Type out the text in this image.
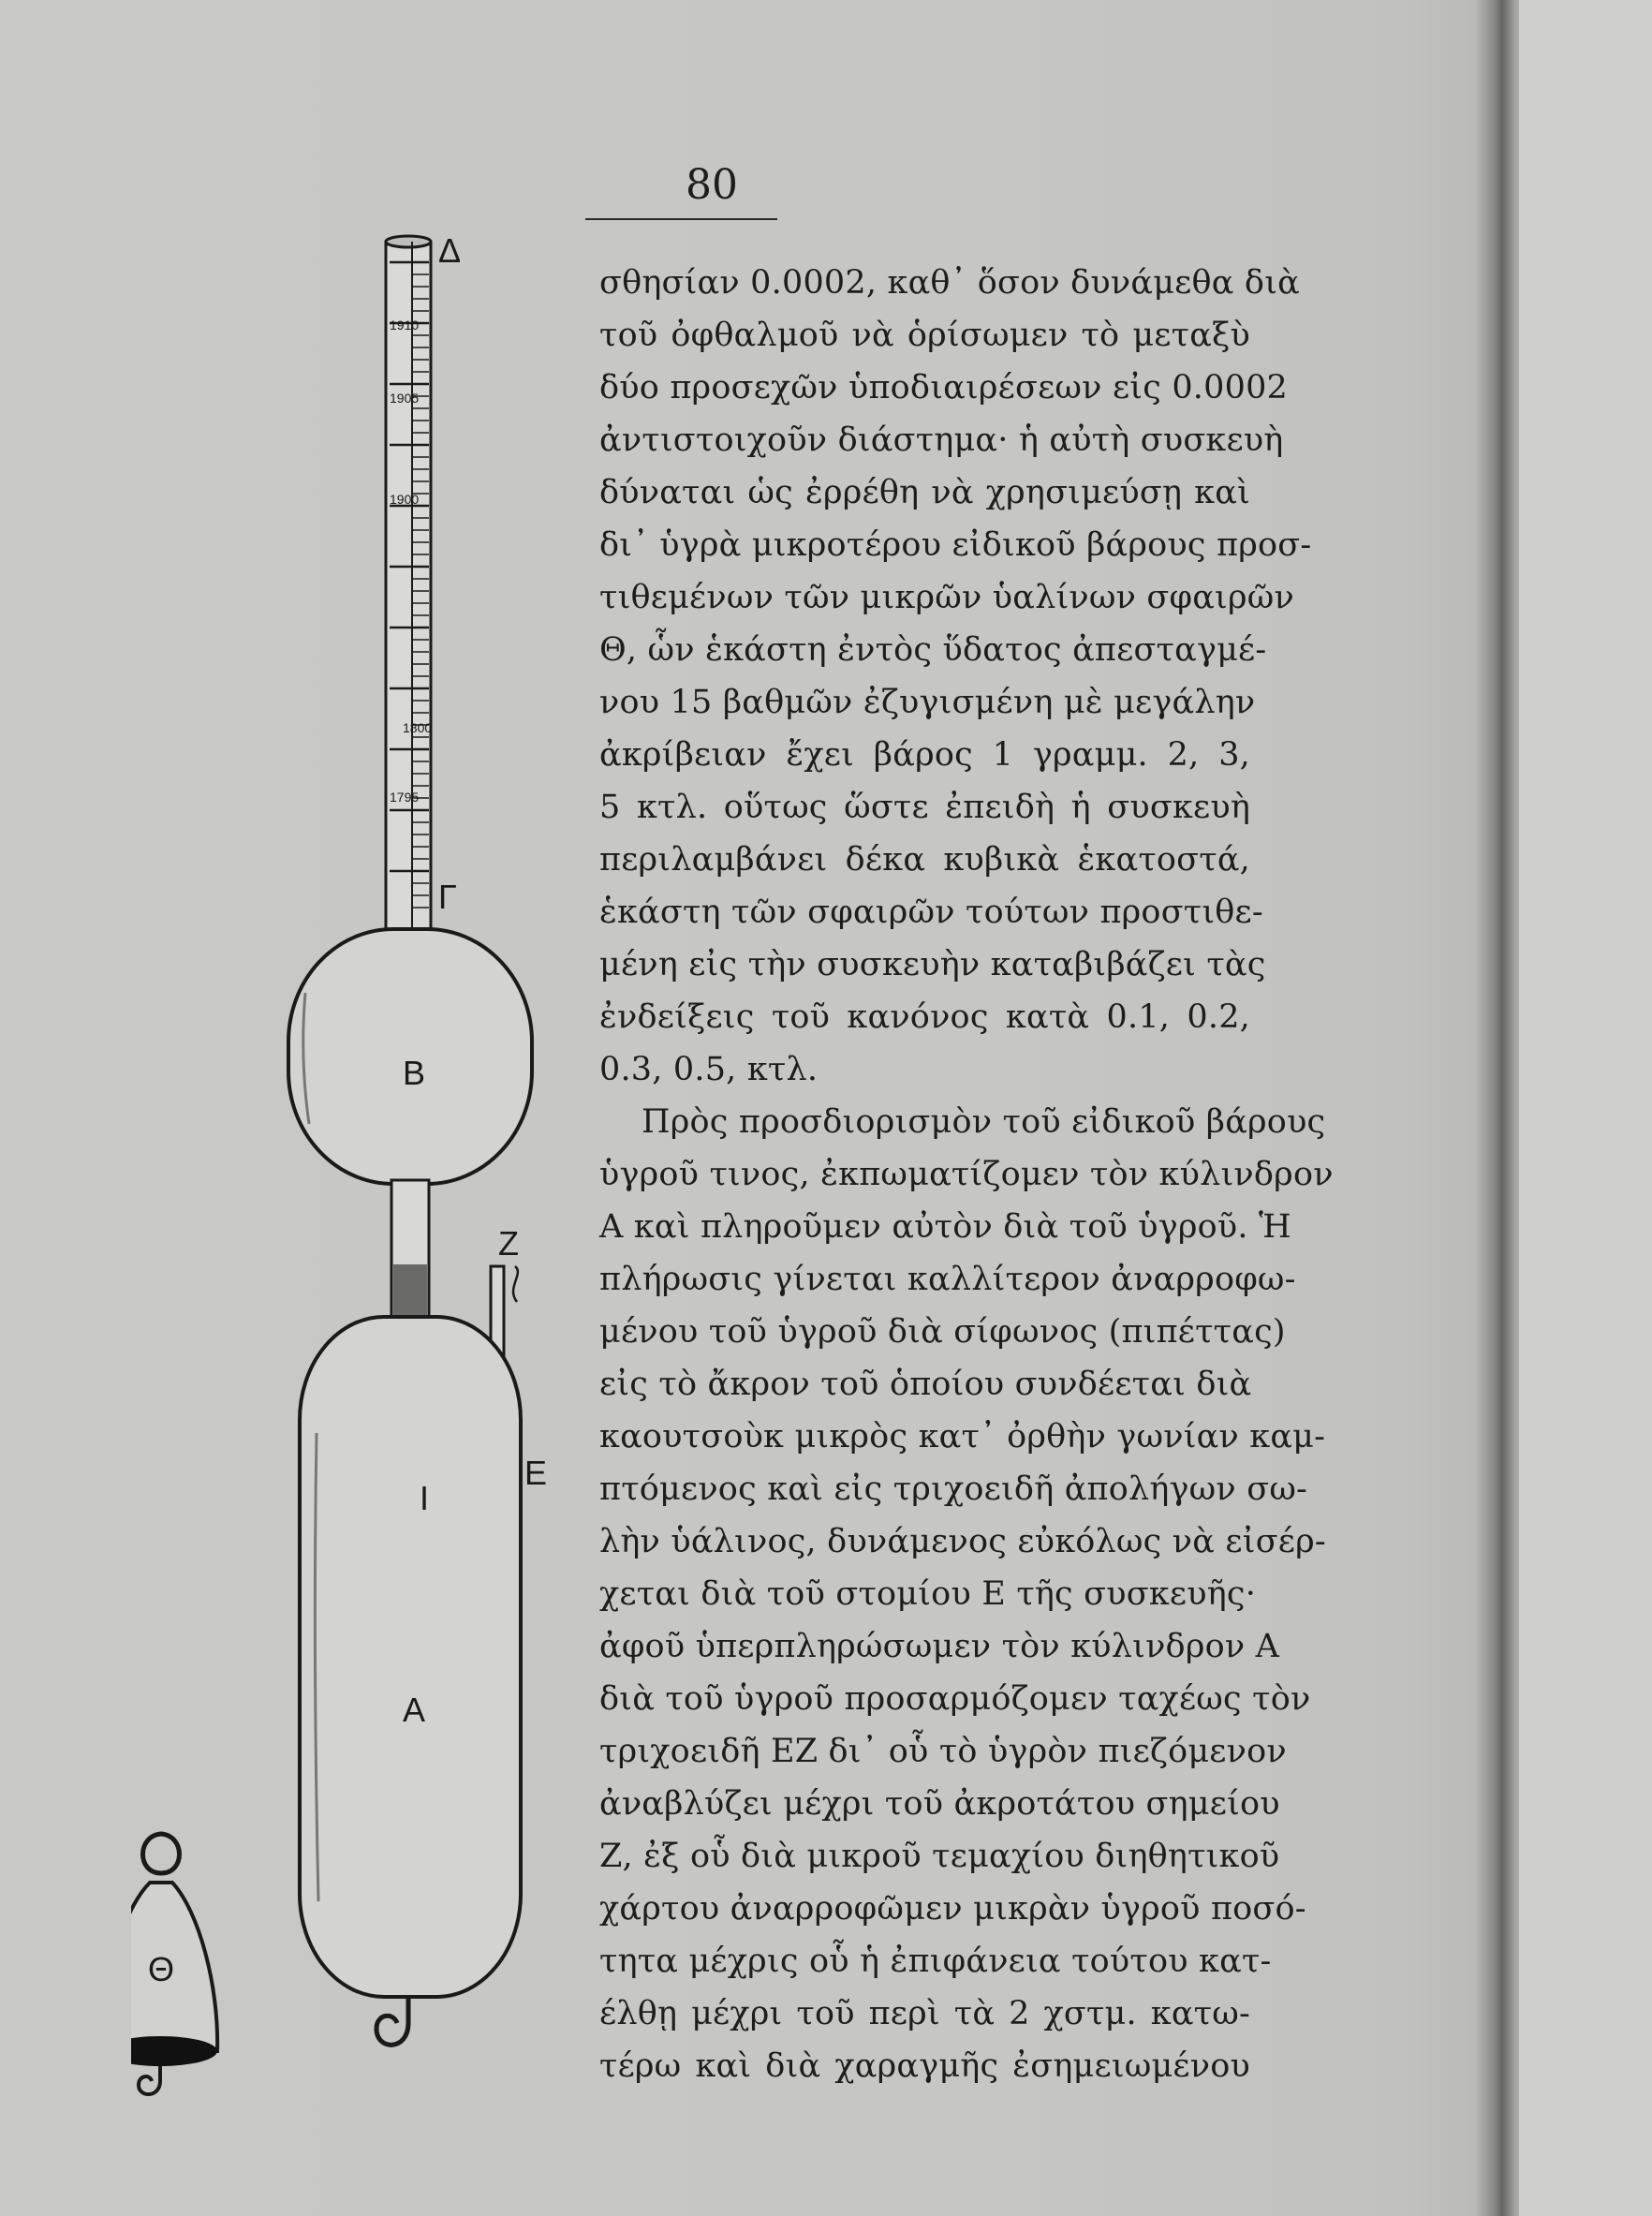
80
1910
1905
1900
1800
1795
Δ
Γ
B
Z
E
I
A
Θ
σθησίαν 0.0002, καθ᾿ ὅσον δυνάμεθα διὰ
τοῦ ὀφθαλμοῦ νὰ ὁρίσωμεν τὸ μεταξὺ
δύο προσεχῶν ὑποδιαιρέσεων εἰς 0.0002
ἀντιστοιχοῦν διάστημα· ἡ αὐτὴ συσκευὴ
δύναται ὡς ἐρρέθη νὰ χρησιμεύσῃ καὶ
δι᾿ ὑγρὰ μικροτέρου εἰδικοῦ βάρους προσ-
τιθεμένων τῶν μικρῶν ὑαλίνων σφαιρῶν
Θ, ὧν ἑκάστη ἐντὸς ὕδατος ἀπεσταγμέ-
νου 15 βαθμῶν ἐζυγισμένη μὲ μεγάλην
ἀκρίβειαν ἔχει βάρος 1 γραμμ. 2, 3,
5 κτλ. οὕτως ὥστε ἐπειδὴ ἡ συσκευὴ
περιλαμβάνει δέκα κυβικὰ ἑκατοστά,
ἑκάστη τῶν σφαιρῶν τούτων προστιθε-
μένη εἰς τὴν συσκευὴν καταβιβάζει τὰς
ἐνδείξεις τοῦ κανόνος κατὰ 0.1, 0.2,
0.3, 0.5, κτλ.
Πρὸς προσδιορισμὸν τοῦ εἰδικοῦ βάρους
ὑγροῦ τινος, ἐκπωματίζομεν τὸν κύλινδρον
Α καὶ πληροῦμεν αὐτὸν διὰ τοῦ ὑγροῦ. Ἡ
πλήρωσις γίνεται καλλίτερον ἀναρροφω-
μένου τοῦ ὑγροῦ διὰ σίφωνος (πιπέττας)
εἰς τὸ ἄκρον τοῦ ὁποίου συνδέεται διὰ
καουτσοὺκ μικρὸς κατ᾿ ὀρθὴν γωνίαν καμ-
πτόμενος καὶ εἰς τριχοειδῆ ἀπολήγων σω-
λὴν ὑάλινος, δυνάμενος εὐκόλως νὰ εἰσέρ-
χεται διὰ τοῦ στομίου Ε τῆς συσκευῆς·
ἀφοῦ ὑπερπληρώσωμεν τὸν κύλινδρον Α
διὰ τοῦ ὑγροῦ προσαρμόζομεν ταχέως τὸν
τριχοειδῆ ΕΖ δι᾿ οὗ τὸ ὑγρὸν πιεζόμενον
ἀναβλύζει μέχρι τοῦ ἀκροτάτου σημείου
Ζ, ἐξ οὗ διὰ μικροῦ τεμαχίου διηθητικοῦ
χάρτου ἀναρροφῶμεν μικρὰν ὑγροῦ ποσό-
τητα μέχρις οὗ ἡ ἐπιφάνεια τούτου κατ-
έλθῃ μέχρι τοῦ περὶ τὰ 2 χστμ. κατω-
τέρω καὶ διὰ χαραγμῆς ἐσημειωμένου
